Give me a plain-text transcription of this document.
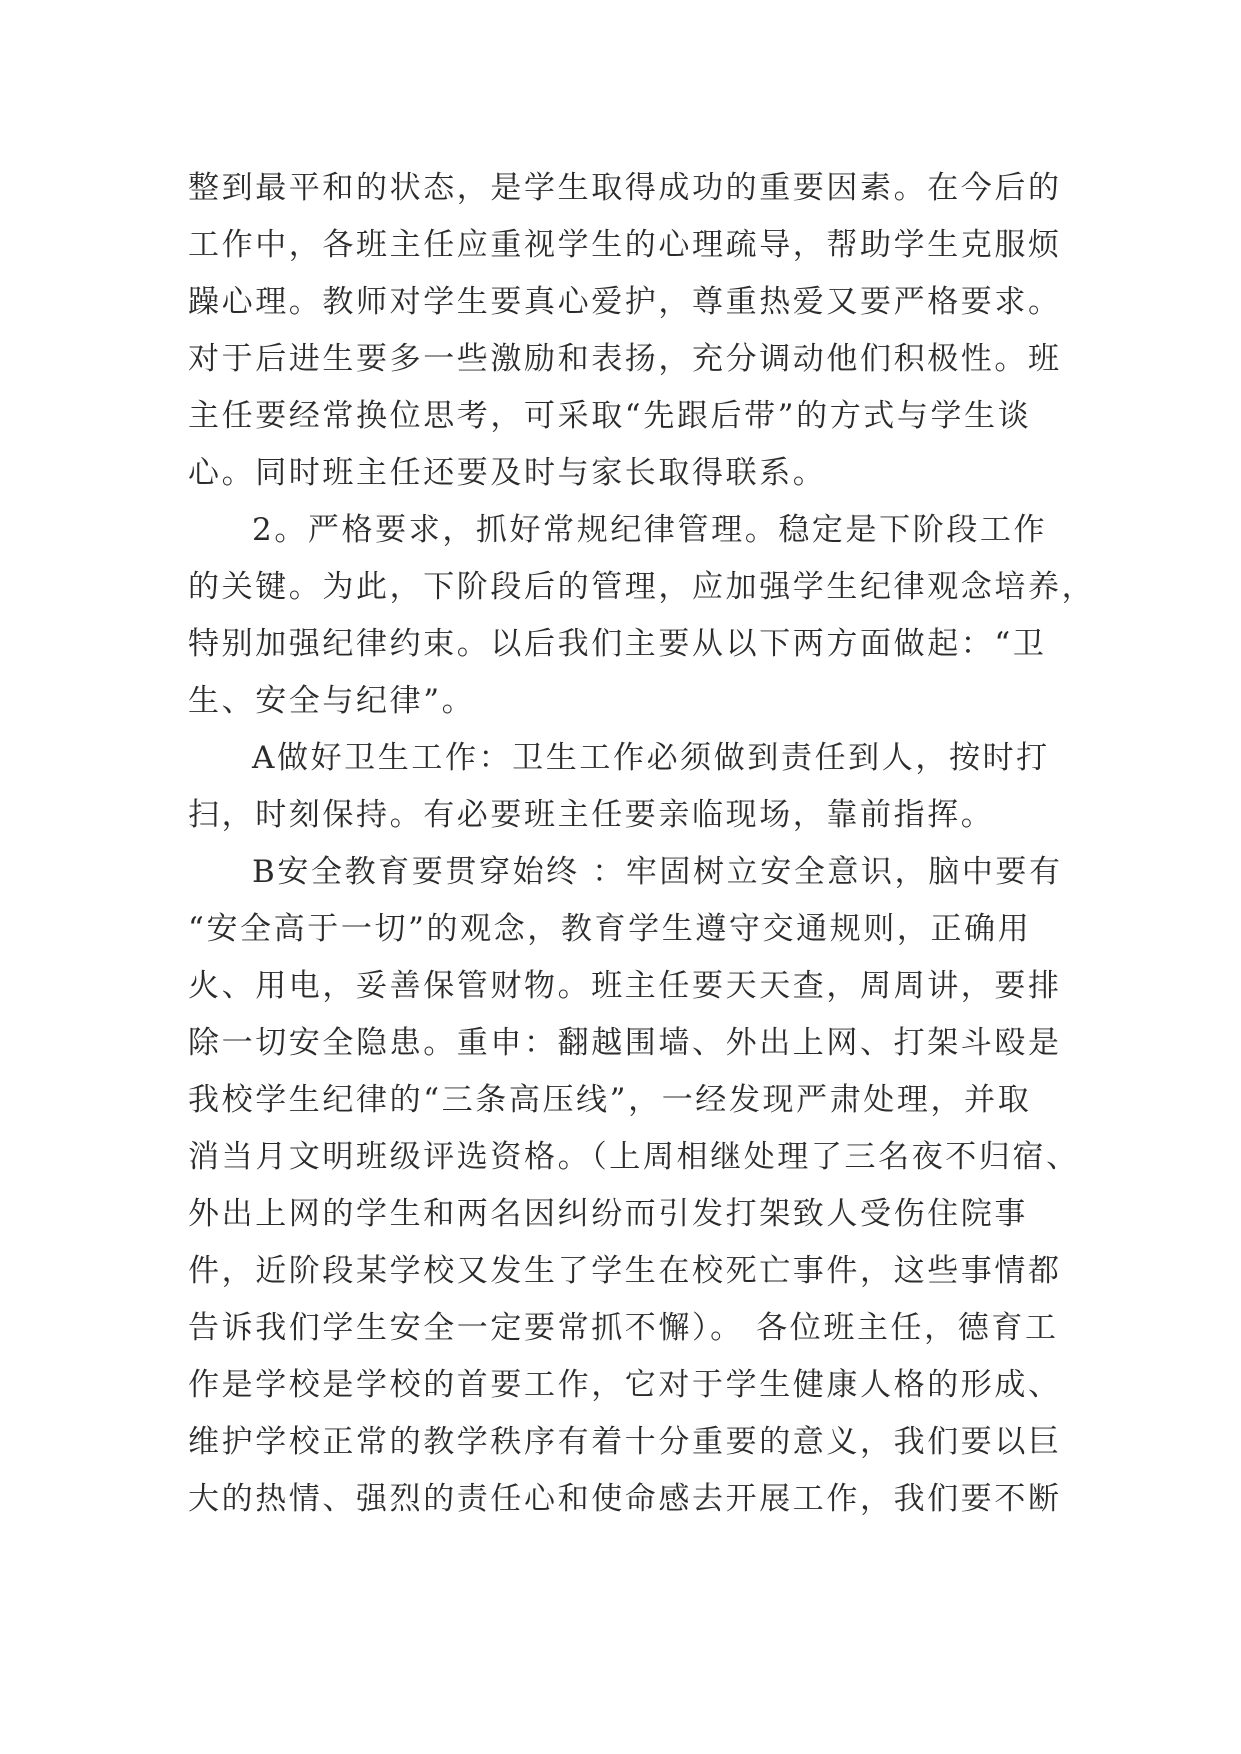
整到最平和的状态，是学生取得成功的重要因素。在今后的
工作中，各班主任应重视学生的心理疏导，帮助学生克服烦
躁心理。教师对学生要真心爱护，尊重热爱又要严格要求。
对于后进生要多一些激励和表扬，充分调动他们积极性。班
主任要经常换位思考，可采取“先跟后带”的方式与学生谈
心。同时班主任还要及时与家长取得联系。
2。严格要求，抓好常规纪律管理。稳定是下阶段工作
的关键。为此，下阶段后的管理，应加强学生纪律观念培养，
特别加强纪律约束。以后我们主要从以下两方面做起：“卫
生、安全与纪律”。
A做好卫生工作：卫生工作必须做到责任到人，按时打
扫，时刻保持。有必要班主任要亲临现场，靠前指挥。
B安全教育要贯穿始终 ：牢固树立安全意识，脑中要有
“安全高于一切”的观念，教育学生遵守交通规则，正确用
火、用电，妥善保管财物。班主任要天天查，周周讲，要排
除一切安全隐患。重申：翻越围墙、外出上网、打架斗殴是
我校学生纪律的“三条高压线”，一经发现严肃处理，并取
消当月文明班级评选资格。（上周相继处理了三名夜不归宿、
外出上网的学生和两名因纠纷而引发打架致人受伤住院事
件，近阶段某学校又发生了学生在校死亡事件，这些事情都
告诉我们学生安全一定要常抓不懈）。 各位班主任，德育工
作是学校是学校的首要工作，它对于学生健康人格的形成、
维护学校正常的教学秩序有着十分重要的意义，我们要以巨
大的热情、强烈的责任心和使命感去开展工作，我们要不断
